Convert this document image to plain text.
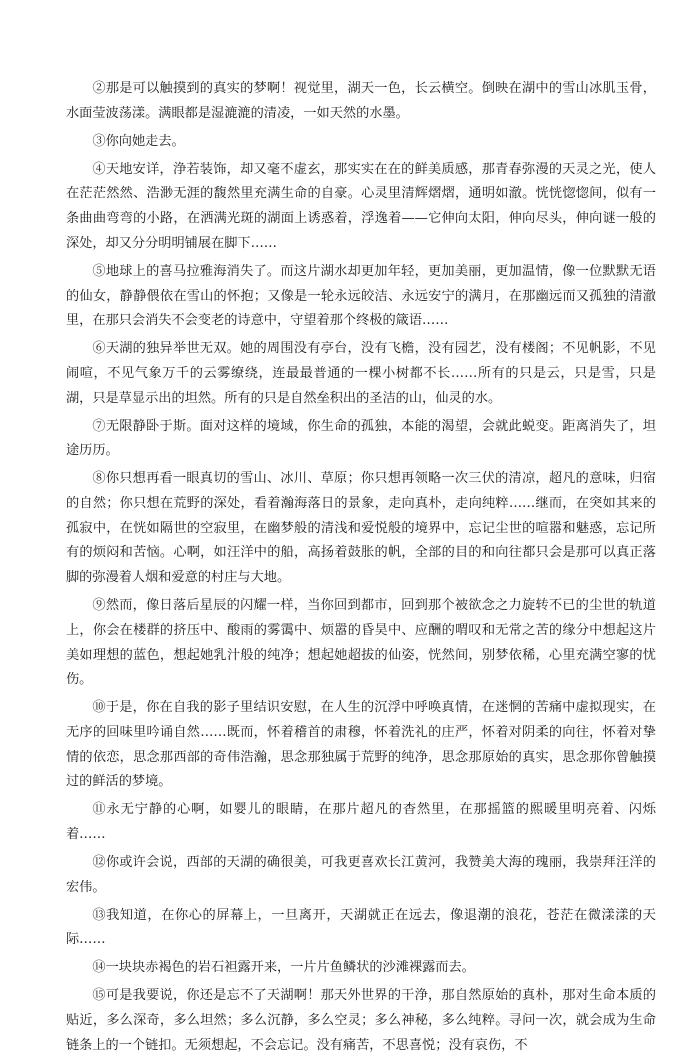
②那是可以触摸到的真实的梦啊！视觉里，湖天一色，长云横空。倒映在湖中的雪山冰肌玉骨，水面莹波荡漾。满眼都是湿漉漉的清凌，一如天然的水墨。

③你向她走去。

④天地安详，浄若装饰，却又毫不虚玄，那实实在在的鲜美质感，那青春弥漫的天灵之光，使人在茫茫然然、浩渺无涯的馥然里充满生命的自豪。心灵里清辉熠熠，通明如澈。恍恍惚惚间，似有一条曲曲弯弯的小路，在洒满光斑的湖面上诱惑着，浮逸着——它伸向太阳，伸向尽头，伸向谜一般的深处，却又分分明明铺展在脚下……

⑤地球上的喜马拉雅海消失了。而这片湖水却更加年轻，更加美丽，更加温情，像一位默默无语的仙女，静静偎依在雪山的怀抱；又像是一轮永远皎洁、永远安宁的满月，在那幽远而又孤独的清澈里，在那只会消失不会变老的诗意中，守望着那个终极的箴语……

⑥天湖的独异举世无双。她的周围没有亭台，没有飞檐，没有园艺，没有楼阁；不见帆影，不见闹喧，不见气象万千的云雾缭绕，连最最普通的一棵小树都不长……所有的只是云，只是雪，只是湖，只是草显示出的坦然。所有的只是自然垒积出的圣洁的山，仙灵的水。

⑦无限静卧于斯。面对这样的境域，你生命的孤独，本能的渴望，会就此蜕变。距离消失了，坦途历历。

⑧你只想再看一眼真切的雪山、冰川、草原；你只想再领略一次三伏的清凉，超凡的意味，归宿的自然；你只想在荒野的深处，看着瀚海落日的景象，走向真朴，走向纯粹……继而，在突如其来的孤寂中，在恍如隔世的空寂里，在幽梦般的清浅和爱悦般的境界中，忘记尘世的喧嚣和魅惑，忘记所有的烦闷和苦恼。心啊，如汪洋中的船，高扬着鼓胀的帆，全部的目的和向往都只会是那可以真正落脚的弥漫着人烟和爱意的村庄与大地。

⑨然而，像日落后星辰的闪耀一样，当你回到都市，回到那个被欲念之力旋转不已的尘世的轨道上，你会在楼群的挤压中、酸雨的雾霭中、烦嚣的昏昊中、应酬的喟叹和无常之苦的缘分中想起这片美如理想的蓝色，想起她乳汁般的纯净；想起她超拔的仙姿，恍然间，别梦依稀，心里充满空寥的忧伤。

⑩于是，你在自我的影子里结识安慰，在人生的沉浮中呼唤真情，在迷惘的苦痛中虚拟现实，在无序的回味里吟诵自然……既而，怀着稽首的肃穆，怀着洗礼的庄严，怀着对阴柔的向往，怀着对挚情的依恋，思念那西部的奇伟浩瀚，思念那独属于荒野的纯净，思念那原始的真实，思念那你曾触摸过的鲜活的梦境。

⑪永无宁静的心啊，如婴儿的眼睛，在那片超凡的杳然里，在那摇篮的熙暖里明亮着、闪烁着……

⑫你或许会说，西部的天湖的确很美，可我更喜欢长江黄河，我赞美大海的瑰丽，我崇拜汪洋的宏伟。

⑬我知道，在你心的屏幕上，一旦离开，天湖就正在远去，像退潮的浪花，苍茫在微漾漾的天际……

⑭一块块赤褐色的岩石袒露开来，一片片鱼鳞状的沙滩裸露而去。

⑮可是我要说，你还是忘不了天湖啊！那天外世界的干浄，那自然原始的真朴，那对生命本质的贴近，多么深奇，多么坦然；多么沉静，多么空灵；多么神秘，多么纯粹。寻问一次，就会成为生命链条上的一个链扣。无须想起，不会忘记。没有痛苦，不思喜悦；没有哀伤，不
